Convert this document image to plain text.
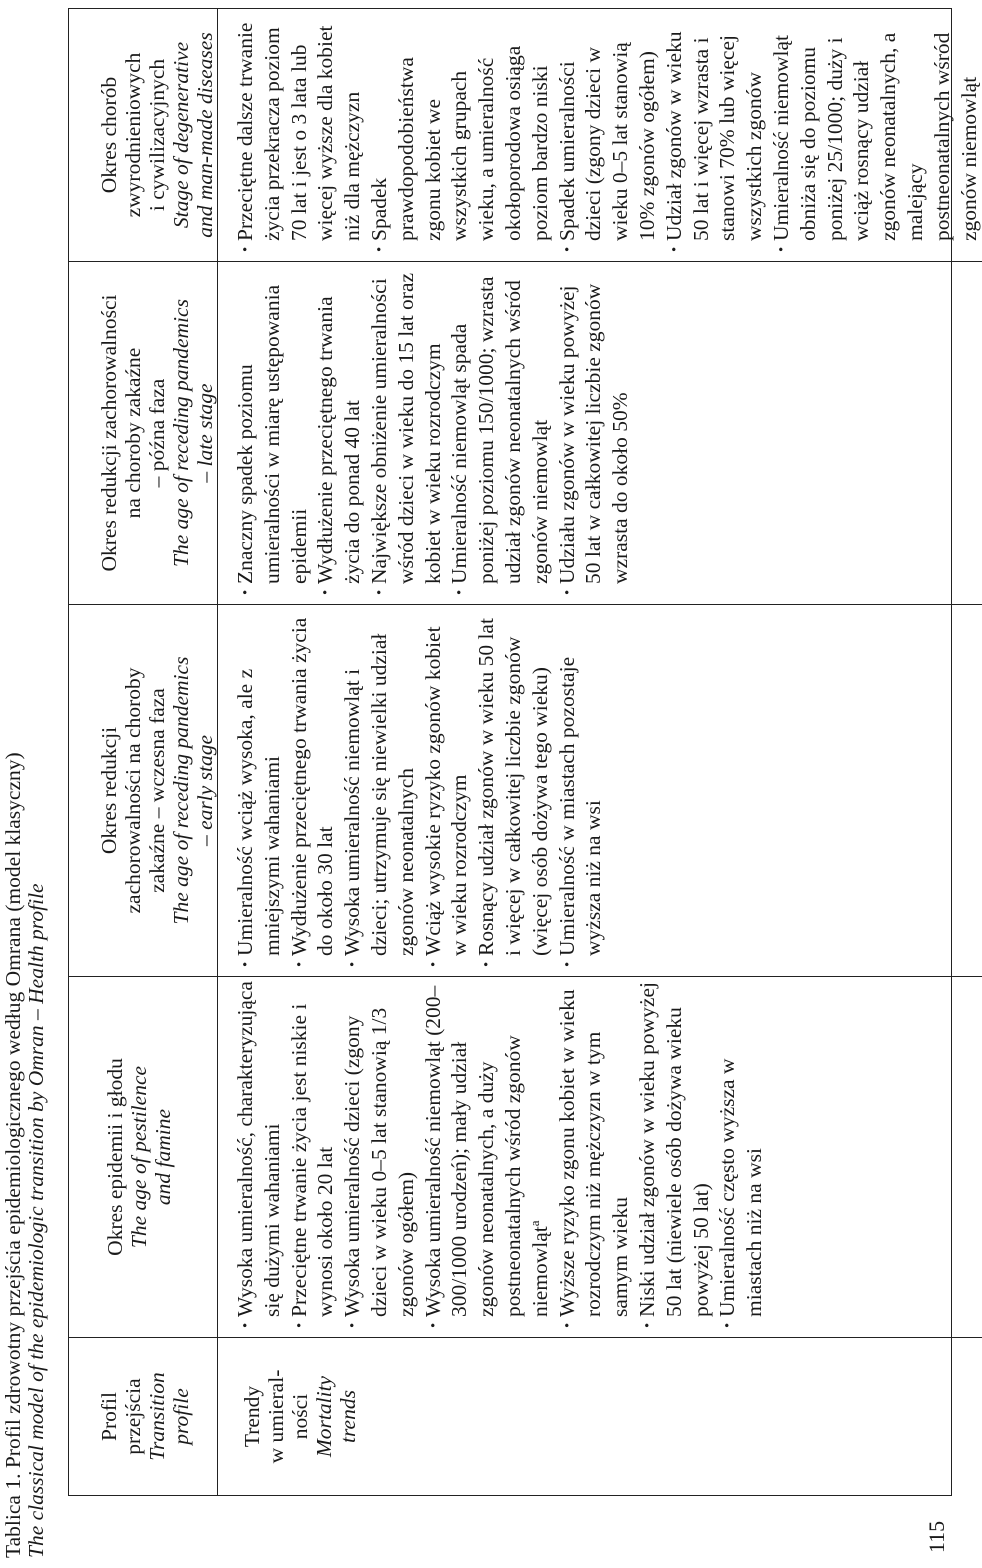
Tablica 1. Profil zdrowotny przejścia epidemiologicznego według Omrana (model klasyczny) The classical model of the epidemiologic transition by Omran – Health profile Profil przejścia Transition profile
Okres epidemii i głodu The age of pestilence and famine
Okres redukcji zachorowalności na choroby zakaźne – wczesna faza The age of receding pandemics – early stage
Okres redukcji zachorowalności na choroby zakaźne – późna faza The age of receding pandemics – late stage
Okres chorób zwyrodnieniowych i cywilizacyjnych Stage of degenerative and man-made diseases
Trendy w umieral- ności Mortality trends
· Wysoka umieralność, charakteryzująca się dużymi wahaniami · Przeciętne trwanie życia jest niskie i wynosi około 20 lat · Wysoka umieralność dzieci (zgony dzieci w wieku 0–5 lat stanowią 1/3 zgonów ogółem) · Wysoka umieralność niemowląt (200–300/1000 urodzeń); mały udział zgonów neonatalnych, a duży postneonatalnych wśród zgonów niemowląt$^a$ · Wyższe ryzyko zgonu kobiet w wieku rozrodczym niż mężczyzn w tym samym wieku · Niski udział zgonów w wieku powyżej 50 lat (niewiele osób dożywa wieku powyżej 50 lat) · Umieralność często wyższa w miastach niż na wsi
· Umieralność wciąż wysoka, ale z mniejszymi wahaniami · Wydłużenie przeciętnego trwania życia do około 30 lat · Wysoka umieralność niemowląt i dzieci; utrzymuje się niewielki udział zgonów neonatalnych · Wciąż wysokie ryzyko zgonów kobiet w wieku rozrodczym · Rosnący udział zgonów w wieku 50 lat i więcej w całkowitej liczbie zgonów (więcej osób dożywa tego wieku) · Umieralność w miastach pozostaje wyższa niż na wsi
· Znaczny spadek poziomu umieralności w miarę ustępowania epidemii · Wydłużenie przeciętnego trwania życia do ponad 40 lat · Największe obniżenie umieralności wśród dzieci w wieku do 15 lat oraz kobiet w wieku rozrodczym · Umieralność niemowląt spada poniżej poziomu 150/1000; wzrasta udział zgonów neonatalnych wśród zgonów niemowląt · Udziału zgonów w wieku powyżej 50 lat w całkowitej liczbie zgonów wzrasta do około 50%
· Przeciętne dalsze trwanie życia przekracza poziom 70 lat i jest o 3 lata lub więcej wyższe dla kobiet niż dla mężczyzn · Spadek prawdopodobieństwa zgonu kobiet we wszystkich grupach wieku, a umieralność okołoporodowa osiąga poziom bardzo niski · Spadek umieralności dzieci (zgony dzieci w wieku 0–5 lat stanowią 10% zgonów ogółem) · Udział zgonów w wieku 50 lat i więcej wzrasta i stanowi 70% lub więcej wszystkich zgonów · Umieralność niemowląt obniża się do poziomu poniżej 25/1000; duży i wciąż rosnący udział zgonów neonatalnych, a malejący postneonatalnych wśród zgonów niemowląt
115
